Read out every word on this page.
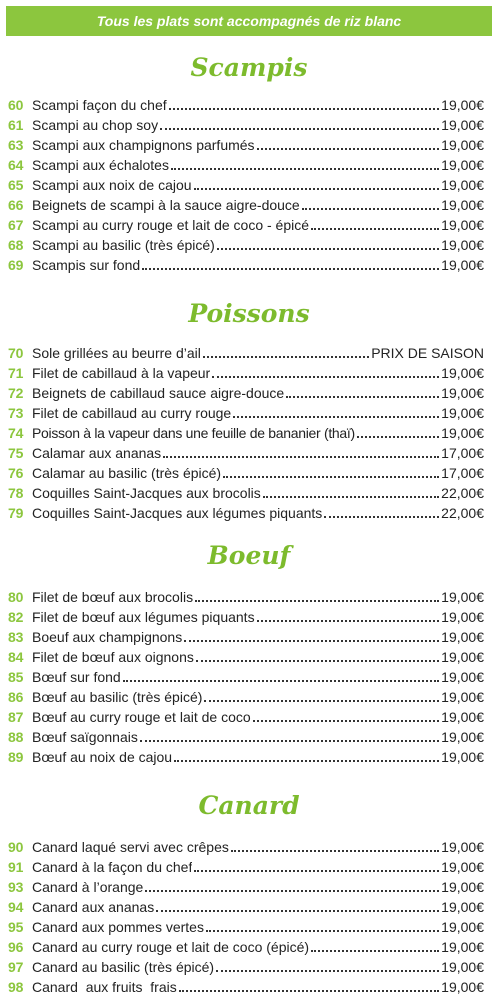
Tous les plats sont accompagnés de riz blanc
Scampis
60 Scampi façon du chef	19,00€
61 Scampi au chop soy	19,00€
63 Scampi aux champignons parfumés	19,00€
64 Scampi aux échalotes	19,00€
65 Scampi aux noix de cajou	19,00€
66 Beignets de scampi à la sauce aigre-douce	19,00€
67 Scampi au curry rouge et lait de coco - épicé	19,00€
68 Scampi au basilic (très épicé)	19,00€
69 Scampis sur fond	19,00€
Poissons
70 Sole grillées au beurre d’ail	PRIX DE SAISON
71 Filet de cabillaud à la vapeur	19,00€
72 Beignets de cabillaud sauce aigre-douce	19,00€
73 Filet de cabillaud au curry rouge	19,00€
74 Poisson à la vapeur dans une feuille de bananier (thaï)	19,00€
75 Calamar aux ananas	17,00€
76 Calamar au basilic (très épicé)	17,00€
78 Coquilles Saint-Jacques aux brocolis	22,00€
79 Coquilles Saint-Jacques aux légumes piquants	22,00€
Boeuf
80 Filet de bœuf aux brocolis	19,00€
82 Filet de bœuf aux légumes piquants	19,00€
83 Boeuf aux champignons	19,00€
84 Filet de bœuf aux oignons	19,00€
85 Bœuf sur fond	19,00€
86 Bœuf au basilic (très épicé)	19,00€
87 Bœuf au curry rouge et lait de coco	19,00€
88 Bœuf saïgonnais	19,00€
89 Bœuf au noix de cajou	19,00€
Canard
90 Canard laqué servi avec crêpes	19,00€
91 Canard à la façon du chef	19,00€
93 Canard à l’orange	19,00€
94 Canard aux ananas	19,00€
95 Canard aux pommes vertes	19,00€
96 Canard au curry rouge et lait de coco (épicé)	19,00€
97 Canard au basilic (très épicé)	19,00€
98 Canard  aux fruits  frais	19,00€
